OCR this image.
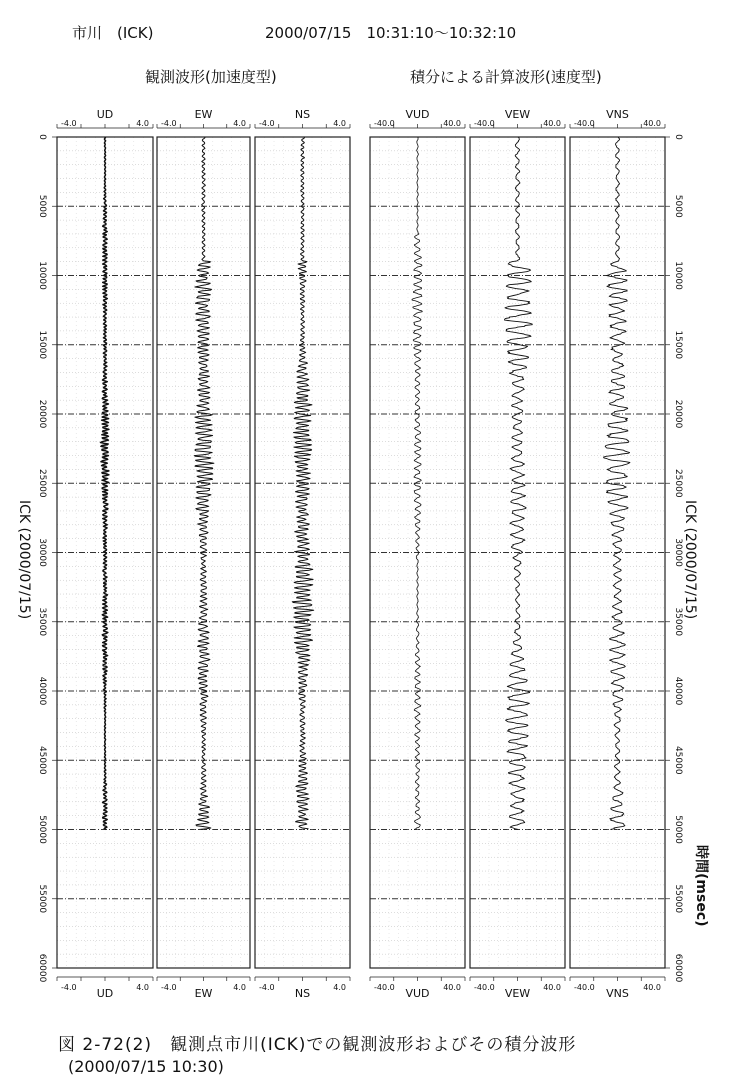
市川　(ICK)	2000/07/15　10:31:10〜10:32:10
観測波形(加速度型)	積分による計算波形(速度型)
UD
UD
-4.0	4.0
-4.0	4.0
EW
EW
-4.0	4.0
-4.0	4.0
NS
NS
-4.0	4.0
-4.0	4.0
VUD
VUD
-40.0	40.0
-40.0	40.0
VEW
VEW
-40.0	40.0
-40.0	40.0
VNS
VNS
-40.0	40.0
-40.0	40.0
0	0
5000	5000
10000	10000
15000	15000
20000	20000
25000	25000
30000	30000
35000	35000
40000	40000
45000	45000
50000	50000
55000	55000
60000	60000
ICK (2000/07/15)	ICK (2000/07/15)
時間(msec)
図 2-72(2)　観測点市川(ICK)での観測波形およびその積分波形
(2000/07/15 10:30)
